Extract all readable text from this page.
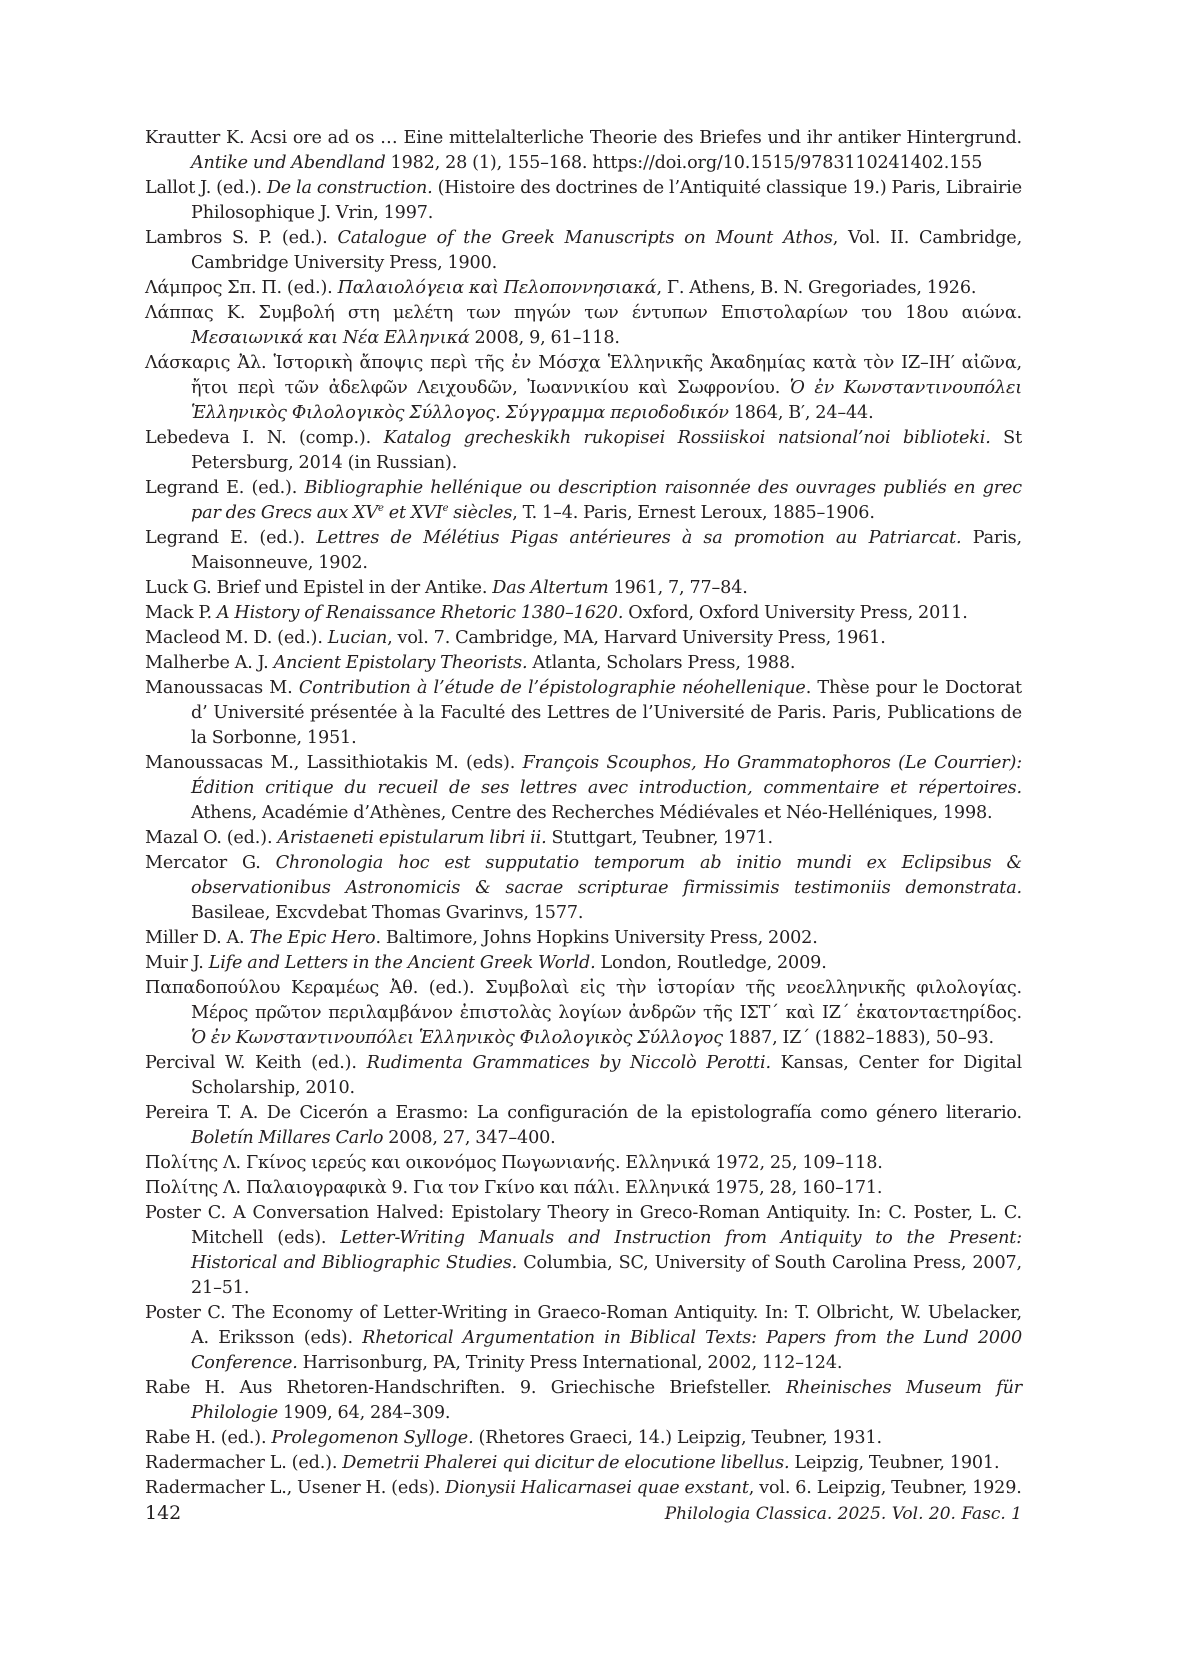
Krautter K. Acsi ore ad os … Eine mittelalterliche Theorie des Briefes und ihr antiker Hintergrund. Antike und Abendland 1982, 28 (1), 155–168. https://doi.org/10.1515/9783110241402.155
Lallot J. (ed.). De la construction. (Histoire des doctrines de l’Antiquité classique 19.) Paris, Librairie Philosophique J. Vrin, 1997.
Lambros S. P. (ed.). Catalogue of the Greek Manuscripts on Mount Athos, Vol. II. Cambridge, Cambridge University Press, 1900.
Λάμπρος Σπ. Π. (ed.). Παλαιολόγεια καὶ Πελοποννησιακά, Γ. Athens, B. N. Gregoriades, 1926.
Λάππας Κ. Συμβολή στη μελέτη των πηγών των έντυπων Επιστολαρίων του 18ου αιώνα. Μεσαιωνικά και Νέα Ελληνικά 2008, 9, 61–118.
Λάσκαρις Ἀλ. Ἱστορικὴ ἄποψις περὶ τῆς ἐν Μόσχα Ἑλληνικῆς Ἀκαδημίας κατὰ τὸν ΙΖ–ΙΗ′ αἰῶνα, ἤτοι περὶ τῶν ἀδελφῶν Λειχουδῶν, Ἰωαννικίου καὶ Σωφρονίου. Ὁ ἐν Κωνσταντινουπόλει Ἑλληνικὸς Φιλολογικὸς Σύλλογος. Σύγγραμμα περιοδοδικόν 1864, Β′, 24–44.
Lebedeva I. N. (comp.). Katalog grecheskikh rukopisei Rossiiskoi natsional’noi biblioteki. St Petersburg, 2014 (in Russian).
Legrand E. (ed.). Bibliographie hellénique ou description raisonnée des ouvrages publiés en grec par des Grecs aux XVe et XVIe siècles, T. 1–4. Paris, Ernest Leroux, 1885–1906.
Legrand E. (ed.). Lettres de Mélétius Pigas antérieures à sa promotion au Patriarcat. Paris, Maisonneuve, 1902.
Luck G. Brief und Epistel in der Antike. Das Altertum 1961, 7, 77–84.
Mack P. A History of Renaissance Rhetoric 1380–1620. Oxford, Oxford University Press, 2011.
Macleod M. D. (ed.). Lucian, vol. 7. Cambridge, MA, Harvard University Press, 1961.
Malherbe A. J. Ancient Epistolary Theorists. Atlanta, Scholars Press, 1988.
Manoussacas M. Contribution à l’étude de l’épistolographie néohellenique. Thèse pour le Doctorat d’ Université présentée à la Faculté des Lettres de l’Université de Paris. Paris, Publications de la Sorbonne, 1951.
Manoussacas M., Lassithiotakis M. (eds). François Scouphos, Ho Grammatophoros (Le Courrier): Édition critique du recueil de ses lettres avec introduction, commentaire et répertoires. Athens, Académie d’Athènes, Centre des Recherches Médiévales et Néo-Helléniques, 1998.
Mazal O. (ed.). Aristaeneti epistularum libri ii. Stuttgart, Teubner, 1971.
Mercator G. Chronologia hoc est supputatio temporum ab initio mundi ex Eclipsibus & observationibus Astronomicis & sacrae scripturae firmissimis testimoniis demonstrata. Basileae, Excvdebat Thomas Gvarinvs, 1577.
Miller D. A. The Epic Hero. Baltimore, Johns Hopkins University Press, 2002.
Muir J. Life and Letters in the Ancient Greek World. London, Routledge, 2009.
Παπαδοπούλου Κεραμέως Ἀθ. (ed.). Συμβολαὶ εἰς τὴν ἱστορίαν τῆς νεοελληνικῆς φιλολογίας. Μέρος πρῶτον περιλαμβάνον ἐπιστολὰς λογίων ἀνδρῶν τῆς ΙΣΤ΄ καὶ ΙΖ΄ ἑκατονταετηρίδος. Ὁ ἐν Κωνσταντινουπόλει Ἑλληνικὸς Φιλολογικὸς Σύλλογος 1887, ΙΖ΄ (1882–1883), 50–93.
Percival W. Keith (ed.). Rudimenta Grammatices by Niccolò Perotti. Kansas, Center for Digital Scholarship, 2010.
Pereira T. A. De Cicerón a Erasmo: La configuración de la epistolografía como género literario. Boletín Millares Carlo 2008, 27, 347–400.
Πολίτης Λ. Γκίνος ιερεύς και οικονόμος Πωγωνιανής. Ελληνικά 1972, 25, 109–118.
Πολίτης Λ. Παλαιογραφικὰ 9. Για τον Γκίνο και πάλι. Ελληνικά 1975, 28, 160–171.
Poster C. A Conversation Halved: Epistolary Theory in Greco-Roman Antiquity. In: C. Poster, L. C. Mitchell (eds). Letter-Writing Manuals and Instruction from Antiquity to the Present: Historical and Bibliographic Studies. Columbia, SC, University of South Carolina Press, 2007, 21–51.
Poster C. The Economy of Letter-Writing in Graeco-Roman Antiquity. In: T. Olbricht, W. Ubelacker, A. Eriksson (eds). Rhetorical Argumentation in Biblical Texts: Papers from the Lund 2000 Conference. Harrisonburg, PA, Trinity Press International, 2002, 112–124.
Rabe H. Aus Rhetoren-Handschriften. 9. Griechische Briefsteller. Rheinisches Museum für Philologie 1909, 64, 284–309.
Rabe H. (ed.). Prolegomenon Sylloge. (Rhetores Graeci, 14.) Leipzig, Teubner, 1931.
Radermacher L. (ed.). Demetrii Phalerei qui dicitur de elocutione libellus. Leipzig, Teubner, 1901.
Radermacher L., Usener H. (eds). Dionysii Halicarnasei quae exstant, vol. 6. Leipzig, Teubner, 1929.
142	Philologia Classica. 2025. Vol. 20. Fasc. 1
